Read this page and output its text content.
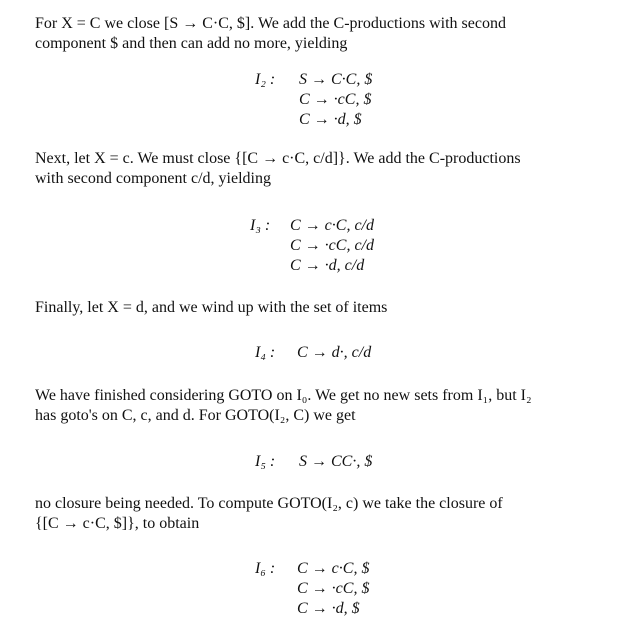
For X = C we close [S → C·C, $]. We add the C-productions with second
component $ and then can add no more, yielding
I₂ : S → C·C, $
C → ·cC, $
C → ·d, $
Next, let X = c. We must close {[C → c·C, c/d]}. We add the C-productions
with second component c/d, yielding
I₃ : C → c·C, c/d
C → ·cC, c/d
C → ·d, c/d
Finally, let X = d, and we wind up with the set of items
I₄ : C → d·, c/d
We have finished considering GOTO on I₀. We get no new sets from I₁, but I₂
has goto's on C, c, and d. For GOTO(I₂, C) we get
I₅ : S → CC·, $
no closure being needed. To compute GOTO(I₂, c) we take the closure of
{[C → c·C, $]}, to obtain
I₆ : C → c·C, $
C → ·cC, $
C → ·d, $
